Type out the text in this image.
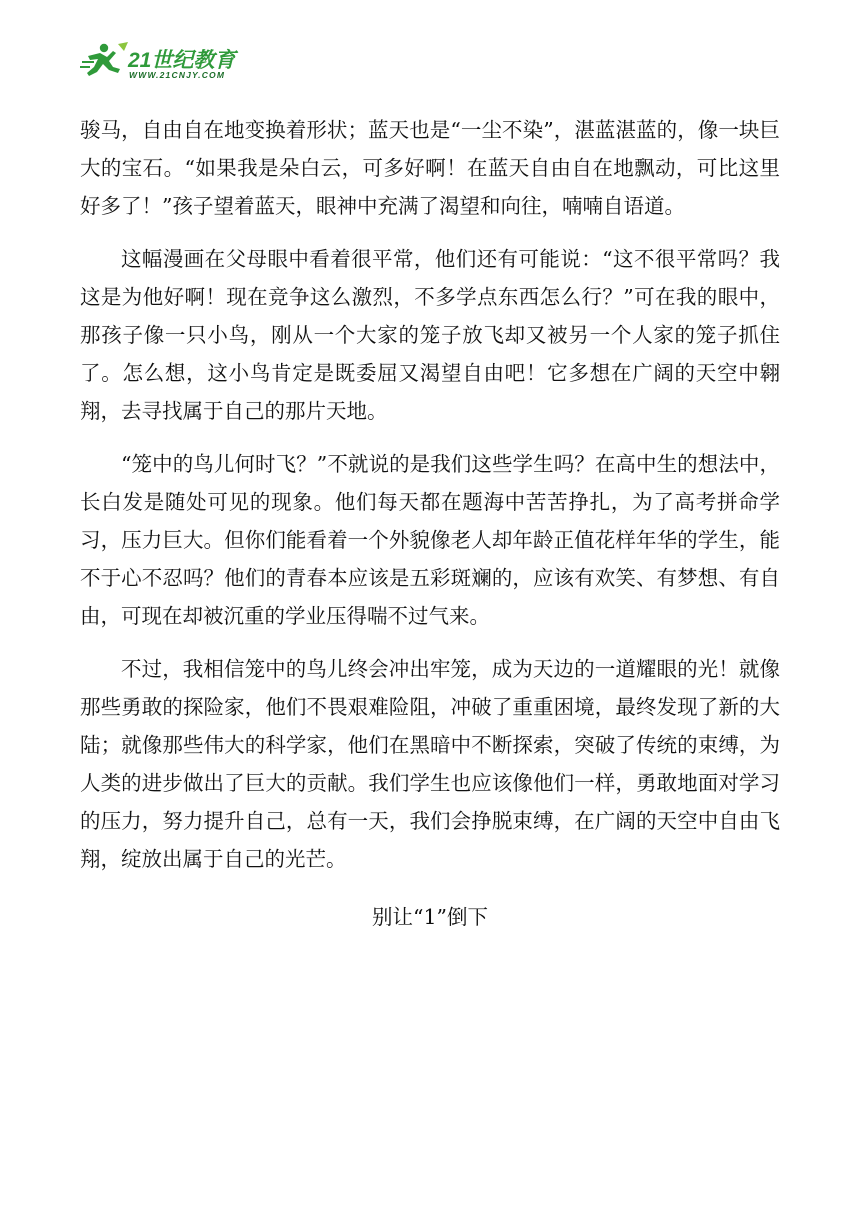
21世纪教育
WWW.21CNJY.COM

骏马，自由自在地变换着形状；蓝天也是“一尘不染”，湛蓝湛蓝的，像一块巨大的宝石。“如果我是朵白云，可多好啊！在蓝天自由自在地飘动，可比这里好多了！”孩子望着蓝天，眼神中充满了渴望和向往，喃喃自语道。

这幅漫画在父母眼中看着很平常，他们还有可能说：“这不很平常吗？我这是为他好啊！现在竞争这么激烈，不多学点东西怎么行？”可在我的眼中，那孩子像一只小鸟，刚从一个大家的笼子放飞却又被另一个人家的笼子抓住了。怎么想，这小鸟肯定是既委屈又渴望自由吧！它多想在广阔的天空中翱翔，去寻找属于自己的那片天地。

“笼中的鸟儿何时飞？”不就说的是我们这些学生吗？在高中生的想法中，长白发是随处可见的现象。他们每天都在题海中苦苦挣扎，为了高考拼命学习，压力巨大。但你们能看着一个外貌像老人却年龄正值花样年华的学生，能不于心不忍吗？他们的青春本应该是五彩斑斓的，应该有欢笑、有梦想、有自由，可现在却被沉重的学业压得喘不过气来。

不过，我相信笼中的鸟儿终会冲出牢笼，成为天边的一道耀眼的光！就像那些勇敢的探险家，他们不畏艰难险阻，冲破了重重困境，最终发现了新的大陆；就像那些伟大的科学家，他们在黑暗中不断探索，突破了传统的束缚，为人类的进步做出了巨大的贡献。我们学生也应该像他们一样，勇敢地面对学习的压力，努力提升自己，总有一天，我们会挣脱束缚，在广阔的天空中自由飞翔，绽放出属于自己的光芒。

别让“1”倒下
